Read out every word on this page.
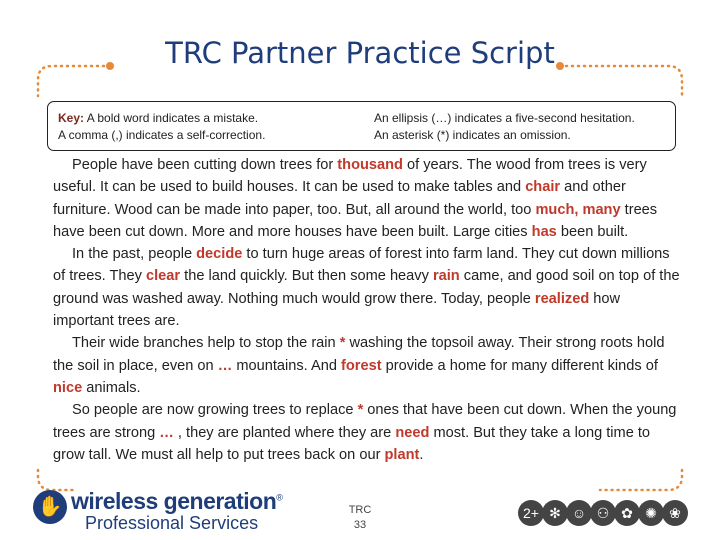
TRC Partner Practice Script
Key: A bold word indicates a mistake.
A comma (,) indicates a self-correction.
An ellipsis (…) indicates a five-second hesitation.
An asterisk (*) indicates an omission.

People have been cutting down trees for thousand of years. The wood from trees is very useful. It can be used to build houses. It can be used to make tables and chair and other furniture. Wood can be made into paper, too. But, all around the world, too much, many trees have been cut down. More and more houses have been built. Large cities has been built.

In the past, people decide to turn huge areas of forest into farm land. They cut down millions of trees. They clear the land quickly. But then some heavy rain came, and good soil on top of the ground was washed away. Nothing much would grow there. Today, people realized how important trees are.

Their wide branches help to stop the rain * washing the topsoil away. Their strong roots hold the soil in place, even on … mountains. And forest provide a home for many different kinds of nice animals.

So people are now growing trees to replace * ones that have been cut down. When the young trees are strong … , they are planted where they are need most. But they take a long time to grow tall. We must all help to put trees back on our plant.

✋ wireless generation®
Professional Services
TRC
33
2+ ✻ ☺ ⚇ ✿ ✺ ❀
